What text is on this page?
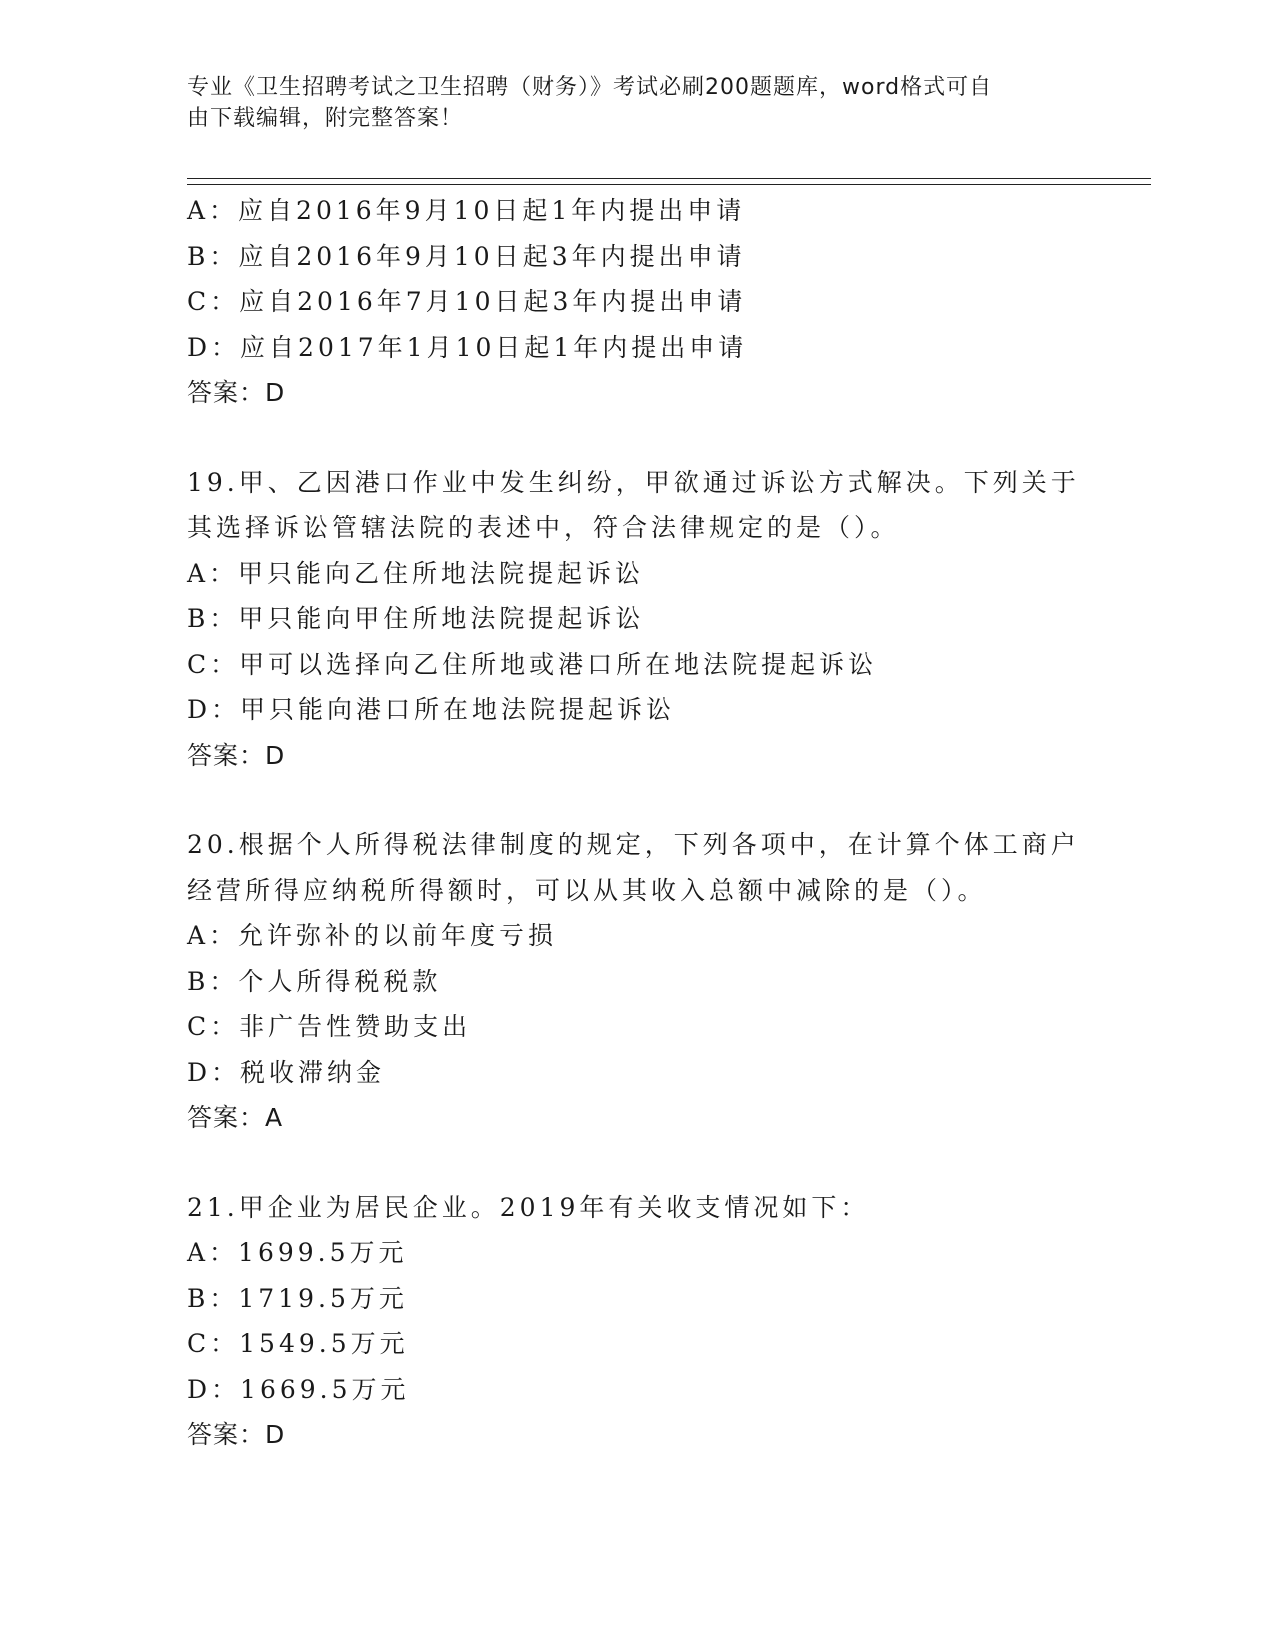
专业《卫生招聘考试之卫生招聘（财务）》考试必刷200题题库，word格式可自
由下载编辑，附完整答案！
A：应自2016年9月10日起1年内提出申请
B：应自2016年9月10日起3年内提出申请
C：应自2016年7月10日起3年内提出申请
D：应自2017年1月10日起1年内提出申请
答案：D
19.甲、乙因港口作业中发生纠纷，甲欲通过诉讼方式解决。下列关于
其选择诉讼管辖法院的表述中，符合法律规定的是（）。
A：甲只能向乙住所地法院提起诉讼
B：甲只能向甲住所地法院提起诉讼
C：甲可以选择向乙住所地或港口所在地法院提起诉讼
D：甲只能向港口所在地法院提起诉讼
答案：D
20.根据个人所得税法律制度的规定，下列各项中，在计算个体工商户
经营所得应纳税所得额时，可以从其收入总额中减除的是（）。
A：允许弥补的以前年度亏损
B：个人所得税税款
C：非广告性赞助支出
D：税收滞纳金
答案：A
21.甲企业为居民企业。2019年有关收支情况如下：
A：1699.5万元
B：1719.5万元
C：1549.5万元
D：1669.5万元
答案：D
